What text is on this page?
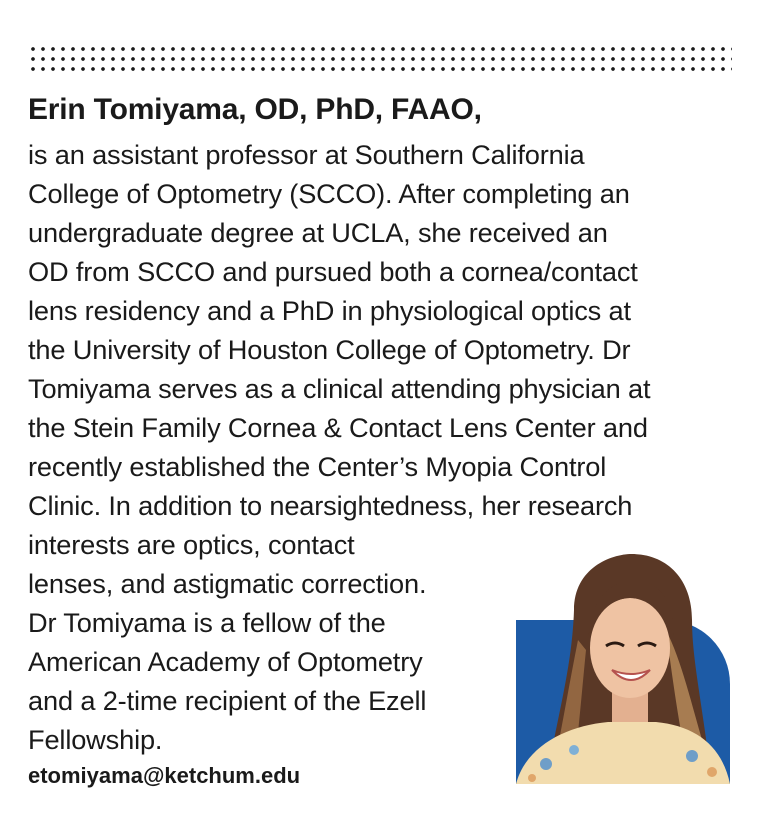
Erin Tomiyama, OD, PhD, FAAO,
is an assistant professor at Southern California
College of Optometry (SCCO). After completing an
undergraduate degree at UCLA, she received an
OD from SCCO and pursued both a cornea/contact
lens residency and a PhD in physiological optics at
the University of Houston College of Optometry. Dr
Tomiyama serves as a clinical attending physician at
the Stein Family Cornea & Contact Lens Center and
recently established the Center’s Myopia Control
Clinic. In addition to nearsightedness, her research
interests are optics, contact
lenses, and astigmatic correction.
Dr Tomiyama is a fellow of the
American Academy of Optometry
and a 2-time recipient of the Ezell
Fellowship.
etomiyama@ketchum.edu
